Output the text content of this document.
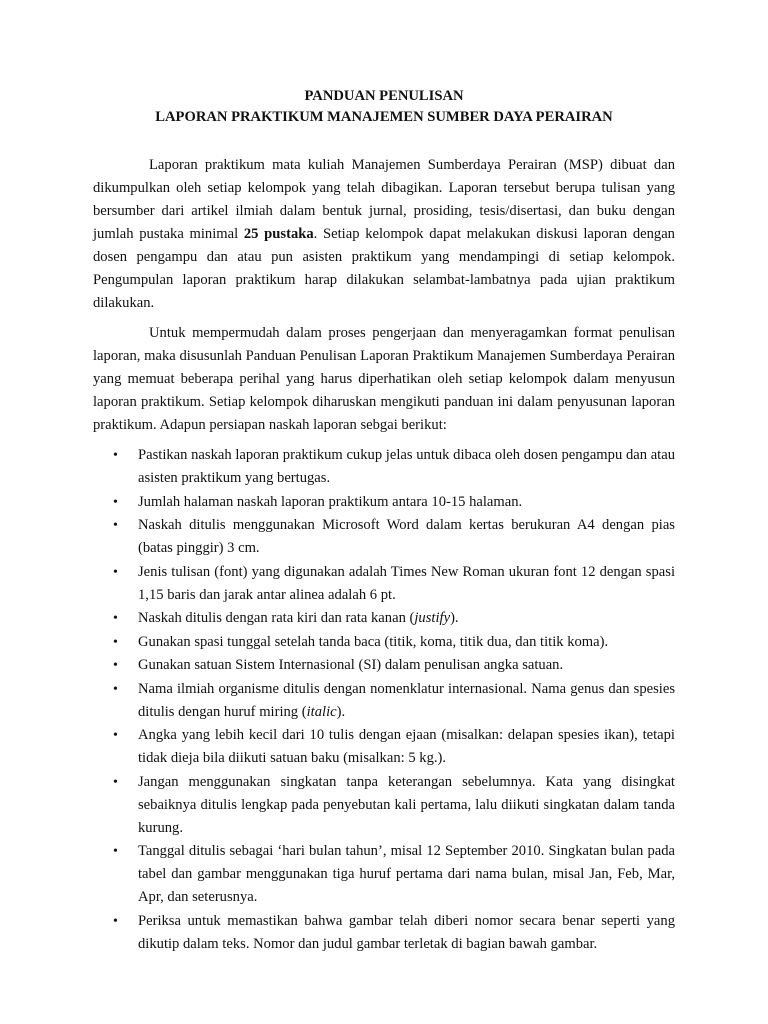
PANDUAN PENULISAN
LAPORAN PRAKTIKUM MANAJEMEN SUMBER DAYA PERAIRAN

Laporan praktikum mata kuliah Manajemen Sumberdaya Perairan (MSP) dibuat dan dikumpulkan oleh setiap kelompok yang telah dibagikan. Laporan tersebut berupa tulisan yang bersumber dari artikel ilmiah dalam bentuk jurnal, prosiding, tesis/disertasi, dan buku dengan jumlah pustaka minimal 25 pustaka. Setiap kelompok dapat melakukan diskusi laporan dengan dosen pengampu dan atau pun asisten praktikum yang mendampingi di setiap kelompok. Pengumpulan laporan praktikum harap dilakukan selambat-lambatnya pada ujian praktikum dilakukan.

Untuk mempermudah dalam proses pengerjaan dan menyeragamkan format penulisan laporan, maka disusunlah Panduan Penulisan Laporan Praktikum Manajemen Sumberdaya Perairan yang memuat beberapa perihal yang harus diperhatikan oleh setiap kelompok dalam menyusun laporan praktikum. Setiap kelompok diharuskan mengikuti panduan ini dalam penyusunan laporan praktikum. Adapun persiapan naskah laporan sebgai berikut:

• Pastikan naskah laporan praktikum cukup jelas untuk dibaca oleh dosen pengampu dan atau asisten praktikum yang bertugas.
• Jumlah halaman naskah laporan praktikum antara 10-15 halaman.
• Naskah ditulis menggunakan Microsoft Word dalam kertas berukuran A4 dengan pias (batas pinggir) 3 cm.
• Jenis tulisan (font) yang digunakan adalah Times New Roman ukuran font 12 dengan spasi 1,15 baris dan jarak antar alinea adalah 6 pt.
• Naskah ditulis dengan rata kiri dan rata kanan (justify).
• Gunakan spasi tunggal setelah tanda baca (titik, koma, titik dua, dan titik koma).
• Gunakan satuan Sistem Internasional (SI) dalam penulisan angka satuan.
• Nama ilmiah organisme ditulis dengan nomenklatur internasional. Nama genus dan spesies ditulis dengan huruf miring (italic).
• Angka yang lebih kecil dari 10 tulis dengan ejaan (misalkan: delapan spesies ikan), tetapi tidak dieja bila diikuti satuan baku (misalkan: 5 kg.).
• Jangan menggunakan singkatan tanpa keterangan sebelumnya. Kata yang disingkat sebaiknya ditulis lengkap pada penyebutan kali pertama, lalu diikuti singkatan dalam tanda kurung.
• Tanggal ditulis sebagai ‘hari bulan tahun’, misal 12 September 2010. Singkatan bulan pada tabel dan gambar menggunakan tiga huruf pertama dari nama bulan, misal Jan, Feb, Mar, Apr, dan seterusnya.
• Periksa untuk memastikan bahwa gambar telah diberi nomor secara benar seperti yang dikutip dalam teks. Nomor dan judul gambar terletak di bagian bawah gambar.
